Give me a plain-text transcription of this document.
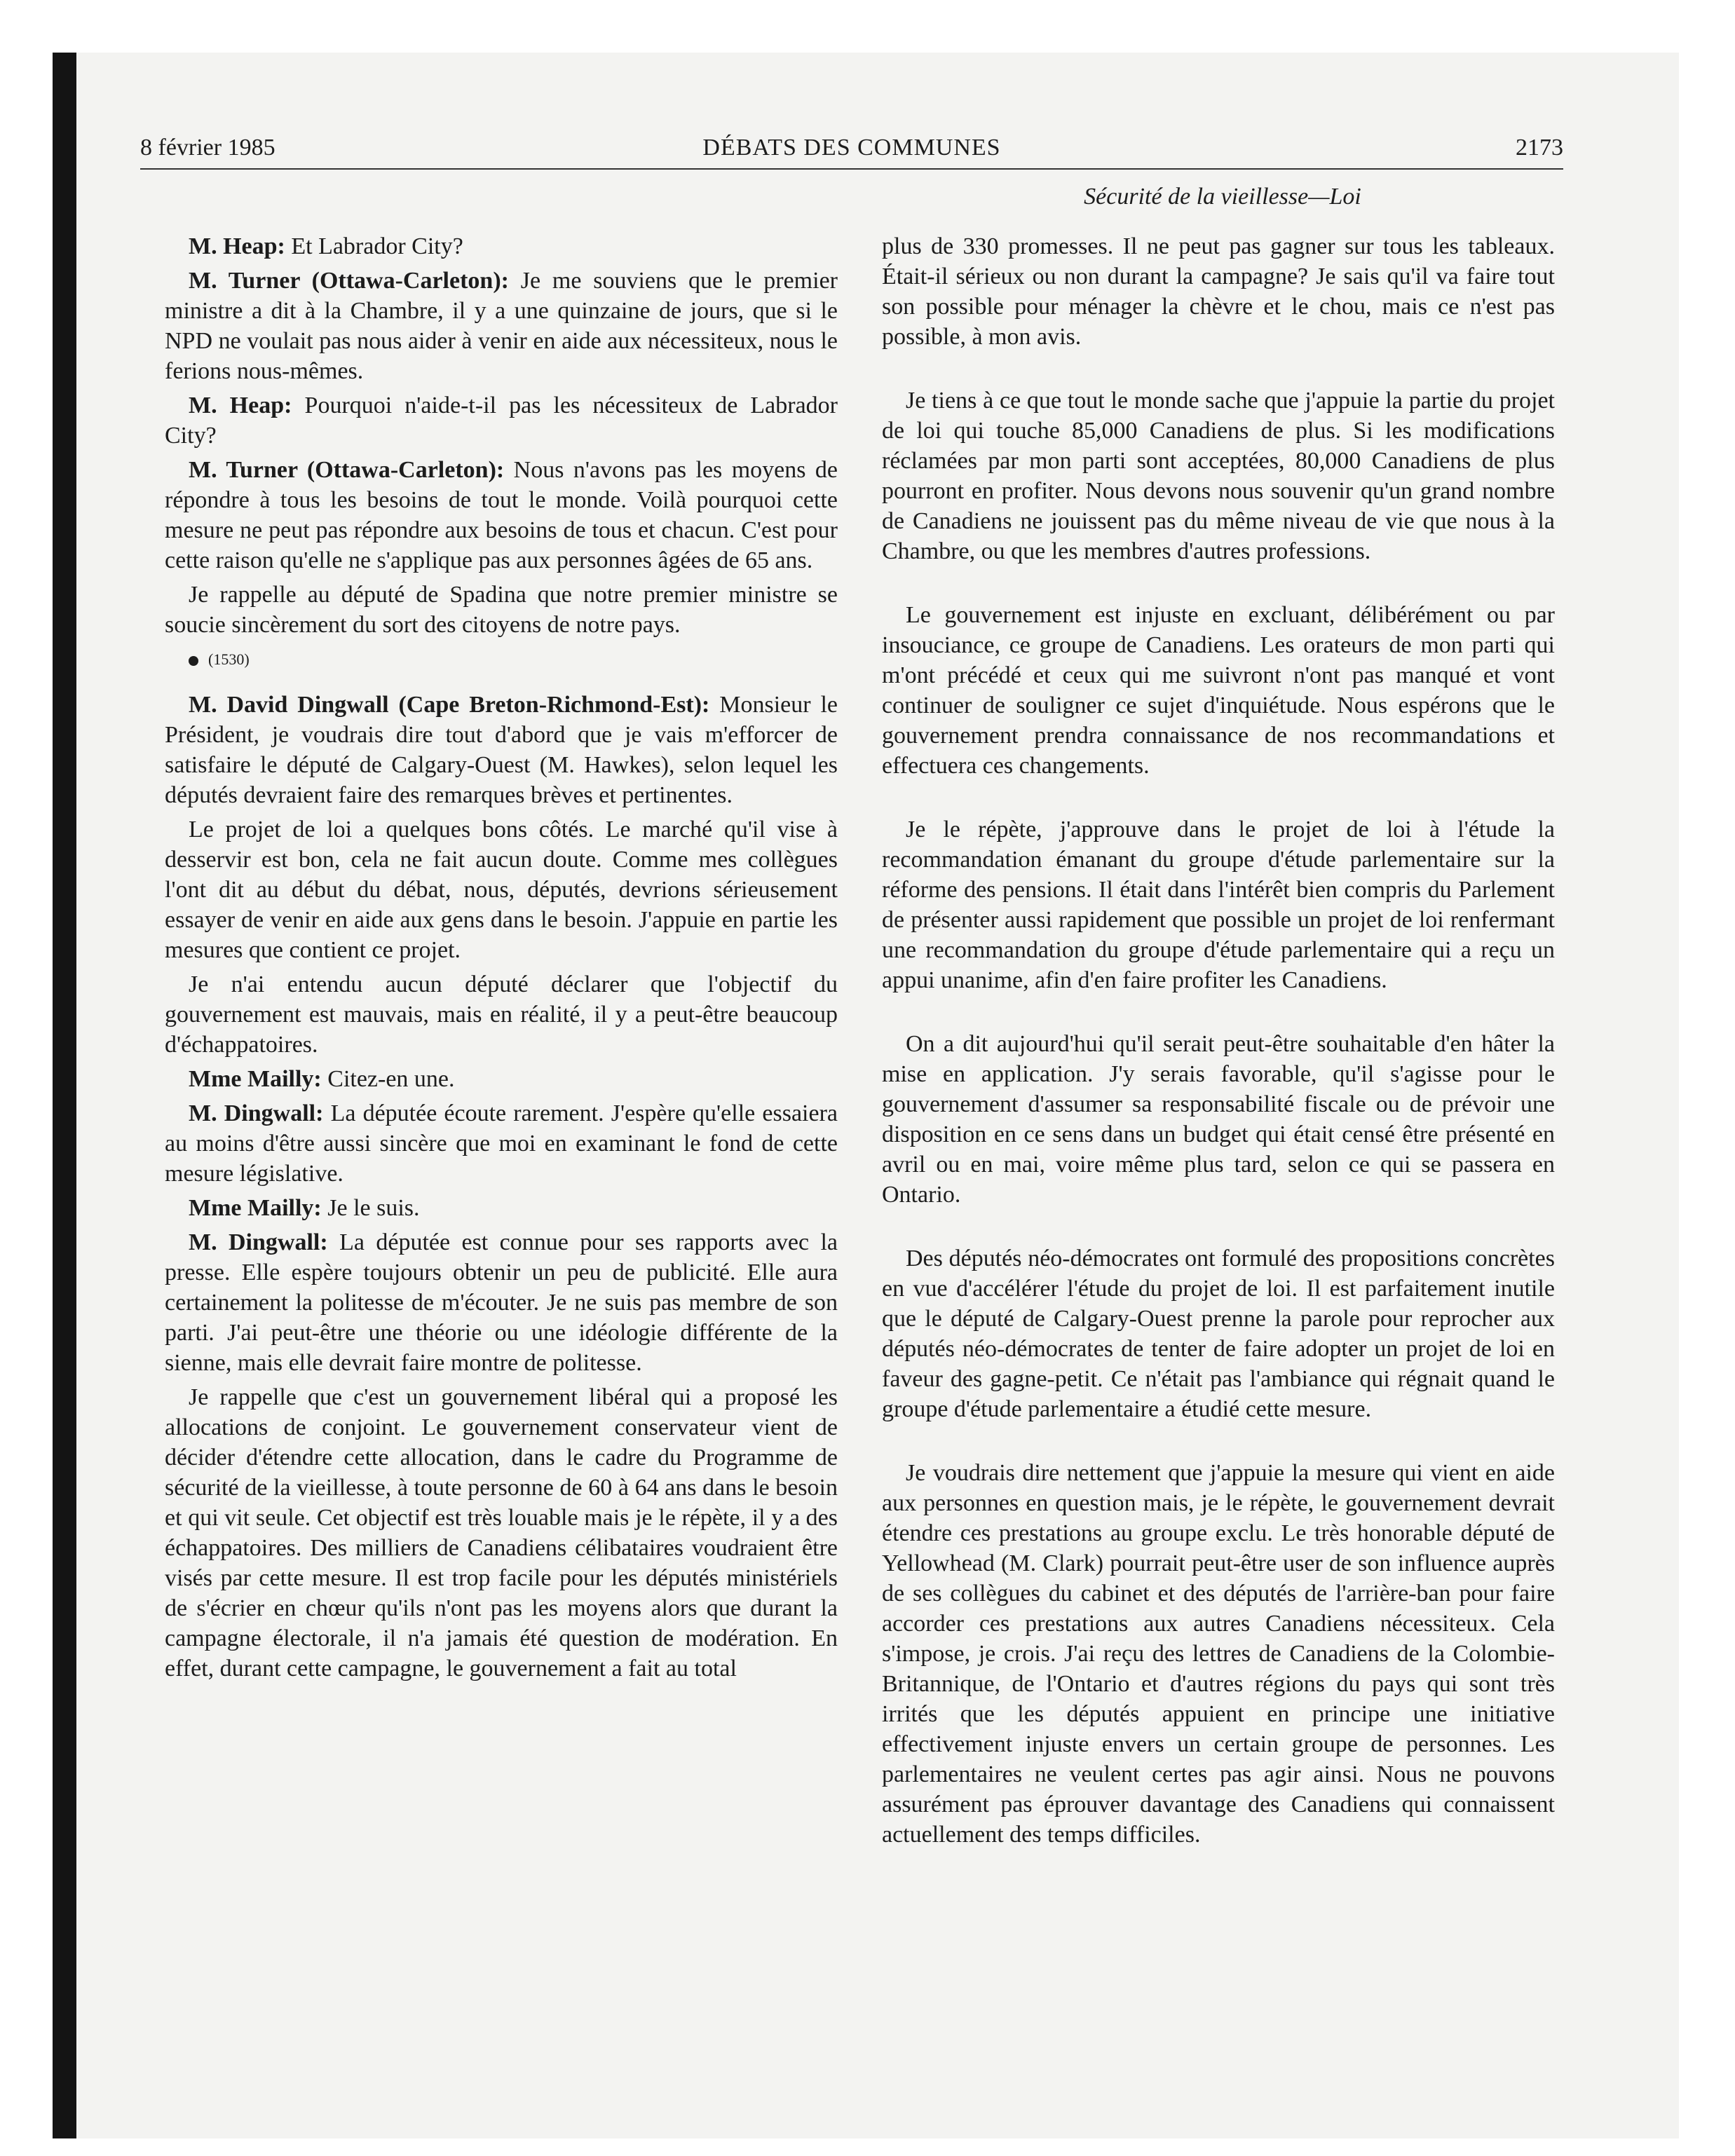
8 février 1985	DÉBATS DES COMMUNES	2173
Sécurité de la vieillesse—Loi

M. Heap: Et Labrador City?

M. Turner (Ottawa-Carleton): Je me souviens que le premier ministre a dit à la Chambre, il y a une quinzaine de jours, que si le NPD ne voulait pas nous aider à venir en aide aux nécessiteux, nous le ferions nous-mêmes.

M. Heap: Pourquoi n'aide-t-il pas les nécessiteux de Labrador City?

M. Turner (Ottawa-Carleton): Nous n'avons pas les moyens de répondre à tous les besoins de tout le monde. Voilà pourquoi cette mesure ne peut pas répondre aux besoins de tous et chacun. C'est pour cette raison qu'elle ne s'applique pas aux personnes âgées de 65 ans.

Je rappelle au député de Spadina que notre premier ministre se soucie sincèrement du sort des citoyens de notre pays.

(1530)

M. David Dingwall (Cape Breton-Richmond-Est): Monsieur le Président, je voudrais dire tout d'abord que je vais m'efforcer de satisfaire le député de Calgary-Ouest (M. Hawkes), selon lequel les députés devraient faire des remarques brèves et pertinentes.

Le projet de loi a quelques bons côtés. Le marché qu'il vise à desservir est bon, cela ne fait aucun doute. Comme mes collègues l'ont dit au début du débat, nous, députés, devrions sérieusement essayer de venir en aide aux gens dans le besoin. J'appuie en partie les mesures que contient ce projet.

Je n'ai entendu aucun député déclarer que l'objectif du gouvernement est mauvais, mais en réalité, il y a peut-être beaucoup d'échappatoires.

Mme Mailly: Citez-en une.

M. Dingwall: La députée écoute rarement. J'espère qu'elle essaiera au moins d'être aussi sincère que moi en examinant le fond de cette mesure législative.

Mme Mailly: Je le suis.

M. Dingwall: La députée est connue pour ses rapports avec la presse. Elle espère toujours obtenir un peu de publicité. Elle aura certainement la politesse de m'écouter. Je ne suis pas membre de son parti. J'ai peut-être une théorie ou une idéologie différente de la sienne, mais elle devrait faire montre de politesse.

Je rappelle que c'est un gouvernement libéral qui a proposé les allocations de conjoint. Le gouvernement conservateur vient de décider d'étendre cette allocation, dans le cadre du Programme de sécurité de la vieillesse, à toute personne de 60 à 64 ans dans le besoin et qui vit seule. Cet objectif est très louable mais je le répète, il y a des échappatoires. Des milliers de Canadiens célibataires voudraient être visés par cette mesure. Il est trop facile pour les députés ministériels de s'écrier en chœur qu'ils n'ont pas les moyens alors que durant la campagne électorale, il n'a jamais été question de modération. En effet, durant cette campagne, le gouvernement a fait au total

plus de 330 promesses. Il ne peut pas gagner sur tous les tableaux. Était-il sérieux ou non durant la campagne? Je sais qu'il va faire tout son possible pour ménager la chèvre et le chou, mais ce n'est pas possible, à mon avis.

Je tiens à ce que tout le monde sache que j'appuie la partie du projet de loi qui touche 85,000 Canadiens de plus. Si les modifications réclamées par mon parti sont acceptées, 80,000 Canadiens de plus pourront en profiter. Nous devons nous souvenir qu'un grand nombre de Canadiens ne jouissent pas du même niveau de vie que nous à la Chambre, ou que les membres d'autres professions.

Le gouvernement est injuste en excluant, délibérément ou par insouciance, ce groupe de Canadiens. Les orateurs de mon parti qui m'ont précédé et ceux qui me suivront n'ont pas manqué et vont continuer de souligner ce sujet d'inquiétude. Nous espérons que le gouvernement prendra connaissance de nos recommandations et effectuera ces changements.

Je le répète, j'approuve dans le projet de loi à l'étude la recommandation émanant du groupe d'étude parlementaire sur la réforme des pensions. Il était dans l'intérêt bien compris du Parlement de présenter aussi rapidement que possible un projet de loi renfermant une recommandation du groupe d'étude parlementaire qui a reçu un appui unanime, afin d'en faire profiter les Canadiens.

On a dit aujourd'hui qu'il serait peut-être souhaitable d'en hâter la mise en application. J'y serais favorable, qu'il s'agisse pour le gouvernement d'assumer sa responsabilité fiscale ou de prévoir une disposition en ce sens dans un budget qui était censé être présenté en avril ou en mai, voire même plus tard, selon ce qui se passera en Ontario.

Des députés néo-démocrates ont formulé des propositions concrètes en vue d'accélérer l'étude du projet de loi. Il est parfaitement inutile que le député de Calgary-Ouest prenne la parole pour reprocher aux députés néo-démocrates de tenter de faire adopter un projet de loi en faveur des gagne-petit. Ce n'était pas l'ambiance qui régnait quand le groupe d'étude parlementaire a étudié cette mesure.

Je voudrais dire nettement que j'appuie la mesure qui vient en aide aux personnes en question mais, je le répète, le gouvernement devrait étendre ces prestations au groupe exclu. Le très honorable député de Yellowhead (M. Clark) pourrait peut-être user de son influence auprès de ses collègues du cabinet et des députés de l'arrière-ban pour faire accorder ces prestations aux autres Canadiens nécessiteux. Cela s'impose, je crois. J'ai reçu des lettres de Canadiens de la Colombie-Britannique, de l'Ontario et d'autres régions du pays qui sont très irrités que les députés appuient en principe une initiative effectivement injuste envers un certain groupe de personnes. Les parlementaires ne veulent certes pas agir ainsi. Nous ne pouvons assurément pas éprouver davantage des Canadiens qui connaissent actuellement des temps difficiles.
